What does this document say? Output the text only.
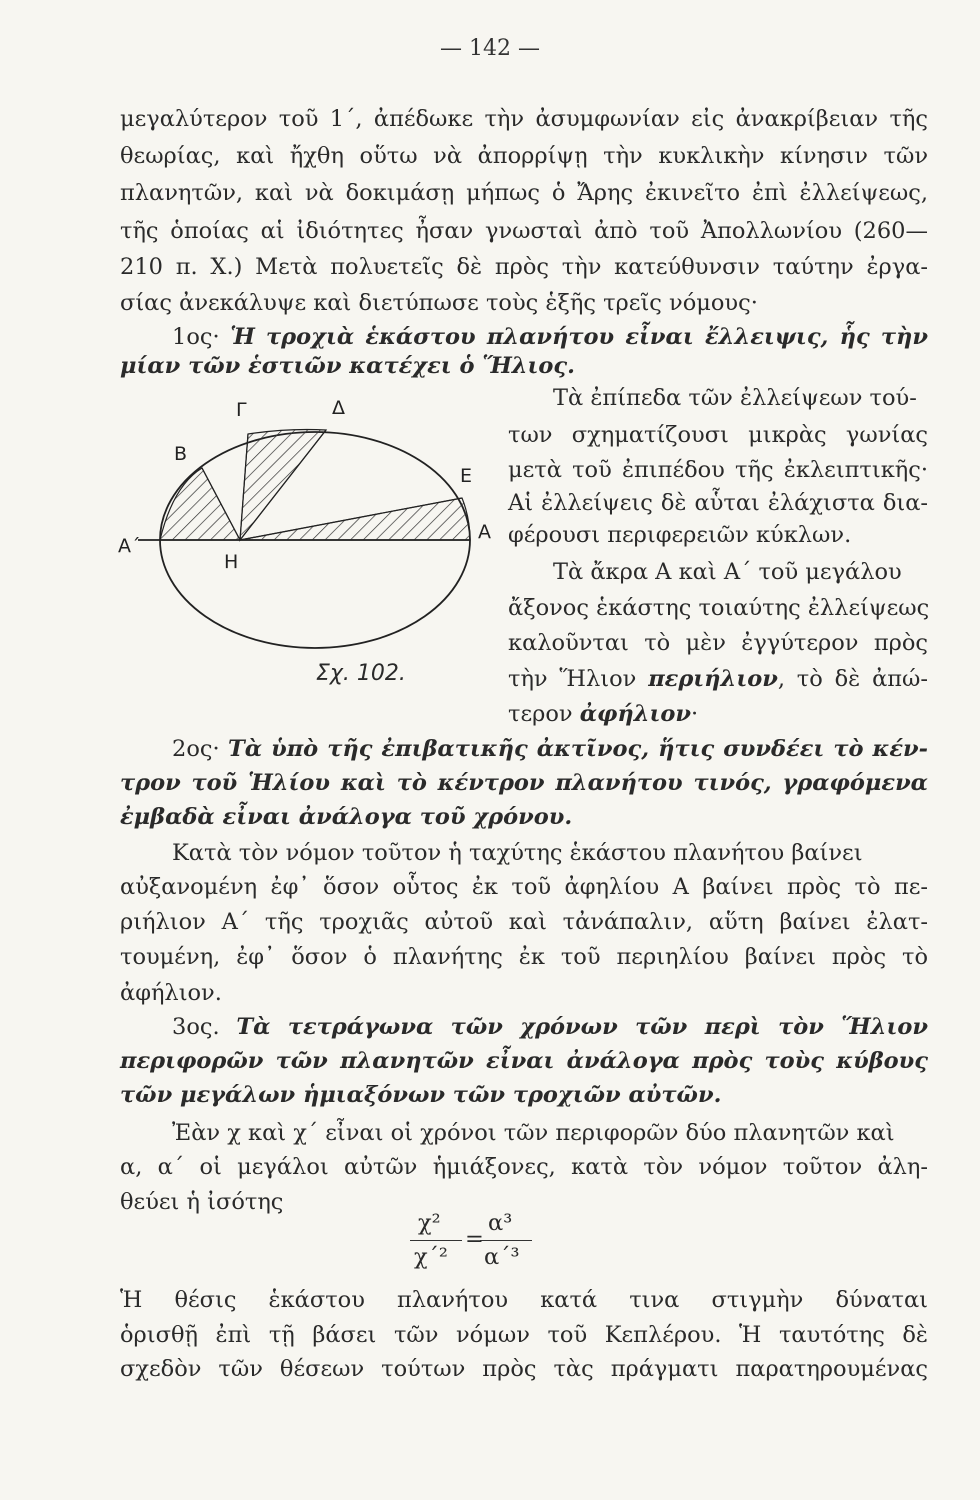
— 142 —
μεγαλύτερον τοῦ 1΄, ἀπέδωκε τὴν ἀσυμφωνίαν εἰς ἀνακρίβειαν τῆς
θεωρίας, καὶ ἤχθη οὕτω νὰ ἀπορρίψῃ τὴν κυκλικὴν κίνησιν τῶν
πλανητῶν, καὶ νὰ δοκιμάσῃ μήπως ὁ Ἄρης ἐκινεῖτο ἐπὶ ἐλλείψεως,
τῆς ὁποίας αἱ ἰδιότητες ἦσαν γνωσταὶ ἀπὸ τοῦ Ἀπολλωνίου (260—
210 π. Χ.) Μετὰ πολυετεῖς δὲ πρὸς τὴν κατεύθυνσιν ταύτην ἐργα-
σίας ἀνεκάλυψε καὶ διετύπωσε τοὺς ἑξῆς τρεῖς νόμους·
1ος· Ἡ τροχιὰ ἑκάστου πλανήτου εἶναι ἔλλειψις, ἧς τὴν
μίαν τῶν ἑστιῶν κατέχει ὁ Ἥλιος.
Γ	Δ
Β
Ε
Α΄
Α
Η
Σχ. 102.
Τὰ ἐπίπεδα τῶν ἐλλείψεων τού-
των σχηματίζουσι μικρὰς γωνίας
μετὰ τοῦ ἐπιπέδου τῆς ἐκλειπτικῆς·
Αἱ ἐλλείψεις δὲ αὗται ἐλάχιστα δια-
φέρουσι περιφερειῶν κύκλων.
Τὰ ἄκρα Α καὶ Α΄ τοῦ μεγάλου
ἄξονος ἑκάστης τοιαύτης ἐλλείψεως
καλοῦνται τὸ μὲν ἐγγύτερον πρὸς
τὴν Ἥλιον περιήλιον, τὸ δὲ ἀπώ-
τερον ἀφήλιον·
2ος· Τὰ ὑπὸ τῆς ἐπιβατικῆς ἀκτῖνος, ἥτις συνδέει τὸ κέν-
τρον τοῦ Ἡλίου καὶ τὸ κέντρον πλανήτου τινός, γραφόμενα
ἐμβαδὰ εἶναι ἀνάλογα τοῦ χρόνου.
Κατὰ τὸν νόμον τοῦτον ἡ ταχύτης ἑκάστου πλανήτου βαίνει
αὐξανομένη ἐφ᾽ ὅσον οὗτος ἐκ τοῦ ἀφηλίου Α βαίνει πρὸς τὸ πε-
ριήλιον Α΄ τῆς τροχιᾶς αὐτοῦ καὶ τἀνάπαλιν, αὕτη βαίνει ἐλατ-
τουμένη, ἐφ᾽ ὅσον ὁ πλανήτης ἐκ τοῦ περιηλίου βαίνει πρὸς τὸ
ἀφήλιον.
3ος. Τὰ τετράγωνα τῶν χρόνων τῶν περὶ τὸν Ἥλιον
περιφορῶν τῶν πλανητῶν εἶναι ἀνάλογα πρὸς τοὺς κύβους
τῶν μεγάλων ἡμιαξόνων τῶν τροχιῶν αὐτῶν.
Ἐὰν χ καὶ χ΄ εἶναι οἱ χρόνοι τῶν περιφορῶν δύο πλανητῶν καὶ
α, α΄ οἱ μεγάλοι αὐτῶν ἡμιάξονες, κατὰ τὸν νόμον τοῦτον ἀλη-
θεύει ἡ ἰσότης
χ²
χ΄²
=
α³
α΄³
Ἡ θέσις ἑκάστου πλανήτου κατά τινα στιγμὴν δύναται
ὁρισθῇ ἐπὶ τῇ βάσει τῶν νόμων τοῦ Κεπλέρου. Ἡ ταυτότης δὲ
σχεδὸν τῶν θέσεων τούτων πρὸς τὰς πράγματι παρατηρουμένας
